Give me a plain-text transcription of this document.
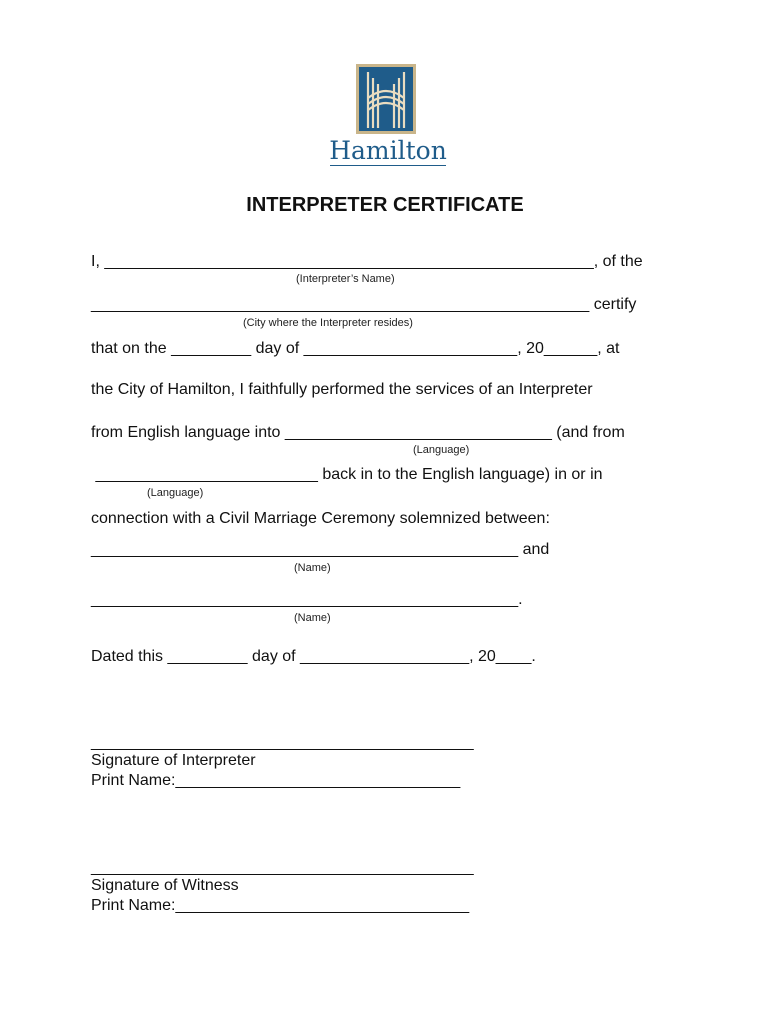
Hamilton
INTERPRETER CERTIFICATE
I, _______________________________________________________, of the
(Interpreter’s Name)
________________________________________________________ certify
(City where the Interpreter resides)
that on the _________ day of ________________________, 20______, at
the City of Hamilton, I faithfully performed the services of an Interpreter
from English language into ______________________________ (and from
(Language)
_________________________ back in to the English language) in or in
(Language)
connection with a Civil Marriage Ceremony solemnized between:
________________________________________________ and
(Name)
________________________________________________.
(Name)
Dated this _________ day of ___________________, 20____.
___________________________________________
Signature of Interpreter
Print Name:________________________________
___________________________________________
Signature of Witness
Print Name:_________________________________
